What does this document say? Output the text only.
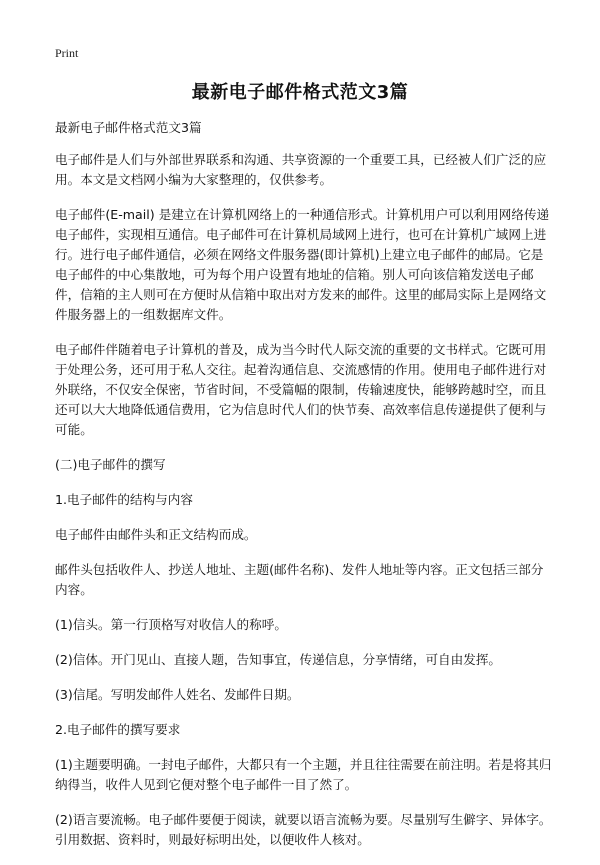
Print
最新电子邮件格式范文3篇

最新电子邮件格式范文3篇

电子邮件是人们与外部世界联系和沟通、共享资源的一个重要工具，已经被人们广泛的应用。本文是文档网小编为大家整理的，仅供参考。

电子邮件(E-mail) 是建立在计算机网络上的一种通信形式。计算机用户可以利用网络传递电子邮件，实现相互通信。电子邮件可在计算机局域网上进行，也可在计算机广域网上进行。进行电子邮件通信，必须在网络文件服务器(即计算机)上建立电子邮件的邮局。它是电子邮件的中心集散地，可为每个用户设置有地址的信箱。别人可向该信箱发送电子邮件，信箱的主人则可在方便时从信箱中取出对方发来的邮件。这里的邮局实际上是网络文件服务器上的一组数据库文件。

电子邮件伴随着电子计算机的普及，成为当今时代人际交流的重要的文书样式。它既可用于处理公务，还可用于私人交往。起着沟通信息、交流感情的作用。使用电子邮件进行对外联络，不仅安全保密，节省时间，不受篇幅的限制，传输速度快，能够跨越时空，而且还可以大大地降低通信费用，它为信息时代人们的快节奏、高效率信息传递提供了便利与可能。

(二)电子邮件的撰写

1.电子邮件的结构与内容

电子邮件由邮件头和正文结构而成。

邮件头包括收件人、抄送人地址、主题(邮件名称)、发件人地址等内容。正文包括三部分内容。

(1)信头。第一行顶格写对收信人的称呼。

(2)信体。开门见山、直接人题，告知事宜，传递信息，分享情绪，可自由发挥。

(3)信尾。写明发邮件人姓名、发邮件日期。

2.电子邮件的撰写要求

(1)主题要明确。一封电子邮件，大都只有一个主题，并且往往需要在前注明。若是将其归纳得当，收件人见到它便对整个电子邮件一目了然了。

(2)语言要流畅。电子邮件要便于阅读，就要以语言流畅为要。尽量别写生僻字、异体字。引用数据、资料时，则最好标明出处，以便收件人核对。
